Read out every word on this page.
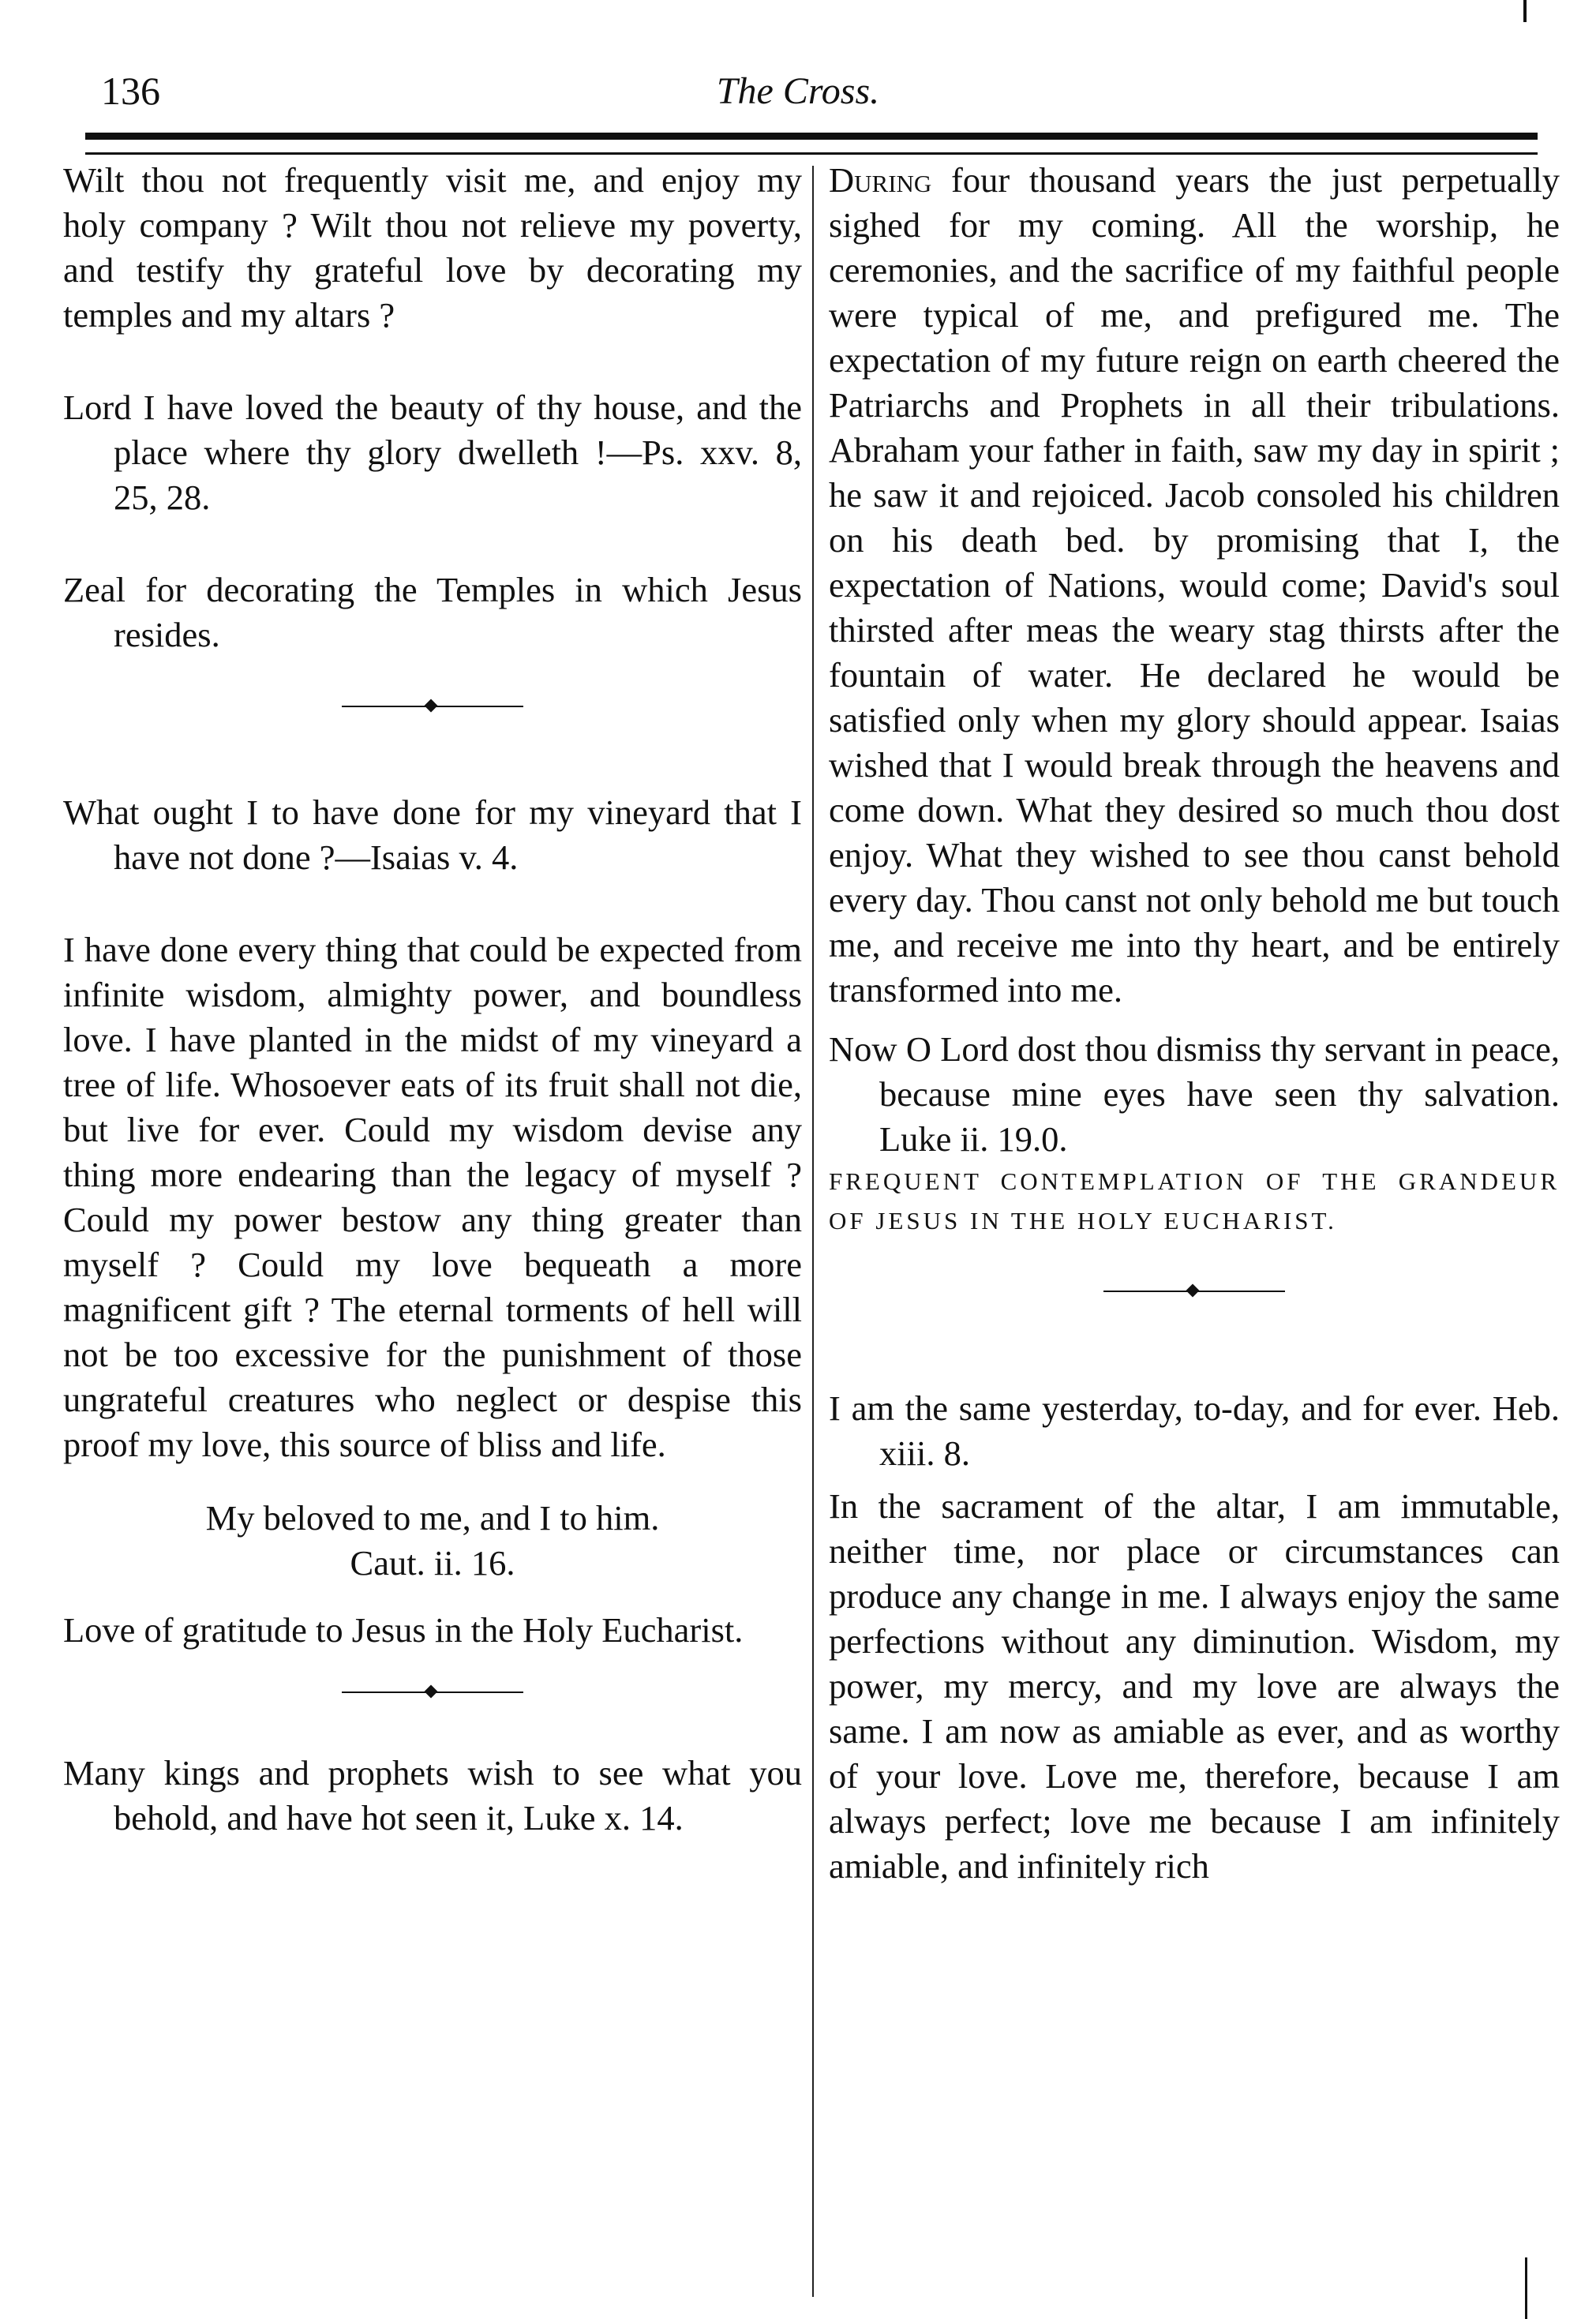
136	The Cross.

Wilt thou not frequently visit me, and enjoy my holy company ? Wilt thou not relieve my poverty, and testify thy grateful love by decorating my temples and my altars ?

Lord I have loved the beauty of thy house, and the place where thy glory dwelleth !—Ps. xxv. 8, 25, 28.

Zeal for decorating the Temples in which Jesus resides.

What ought I to have done for my vineyard that I have not done ?—Isaias v. 4.

I have done every thing that could be expected from infinite wisdom, almighty power, and boundless love. I have planted in the midst of my vineyard a tree of life. Whosoever eats of its fruit shall not die, but live for ever. Could my wisdom devise any thing more endearing than the legacy of myself ? Could my power bestow any thing greater than myself ? Could my love bequeath a more magnificent gift ? The eternal torments of hell will not be too excessive for the punishment of those ungrateful creatures who neglect or despise this proof my love, this source of bliss and life.

My beloved to me, and I to him.

Caut. ii. 16.

Love of gratitude to Jesus in the Holy Eucharist.

Many kings and prophets wish to see what you behold, and have hot seen it, Luke x. 14.

During four thousand years the just perpetually sighed for my coming. All the worship, he ceremonies, and the sacrifice of my faithful people were typical of me, and prefigured me. The expectation of my future reign on earth cheered the Patriarchs and Prophets in all their tribulations. Abraham your father in faith, saw my day in spirit ; he saw it and rejoiced. Jacob consoled his children on his death bed. by promising that I, the expectation of Nations, would come; David's soul thirsted after meas the weary stag thirsts after the fountain of water. He declared he would be satisfied only when my glory should appear. Isaias wished that I would break through the heavens and come down. What they desired so much thou dost enjoy. What they wished to see thou canst behold every day. Thou canst not only behold me but touch me, and receive me into thy heart, and be entirely transformed into me.

Now O Lord dost thou dismiss thy servant in peace, because mine eyes have seen thy salvation. Luke ii. 19.0.

FREQUENT CONTEMPLATION OF THE GRANDEUR OF JESUS IN THE HOLY EUCHARIST.

I am the same yesterday, to-day, and for ever. Heb. xiii. 8.

In the sacrament of the altar, I am immutable, neither time, nor place or circumstances can produce any change in me. I always enjoy the same perfections without any diminution. Wisdom, my power, my mercy, and my love are always the same. I am now as amiable as ever, and as worthy of your love. Love me, therefore, because I am always perfect; love me because I am infinitely amiable, and infinitely rich
